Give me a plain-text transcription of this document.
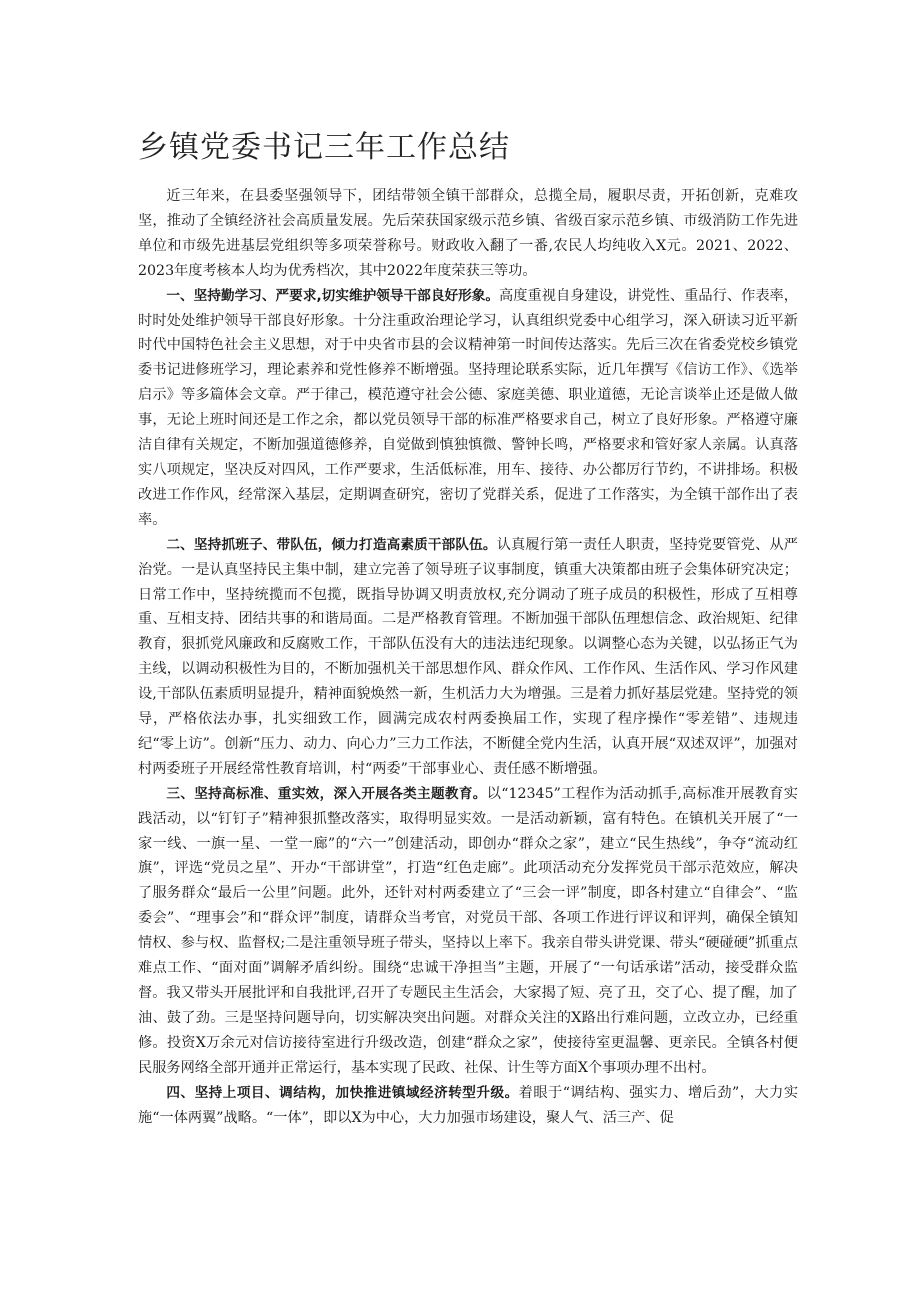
乡镇党委书记三年工作总结

近三年来，在县委坚强领导下，团结带领全镇干部群众，总揽全局，履职尽责，开拓创新，克难攻坚，推动了全镇经济社会高质量发展。先后荣获国家级示范乡镇、省级百家示范乡镇、市级消防工作先进单位和市级先进基层党组织等多项荣誉称号。财政收入翻了一番,农民人均纯收入X元。2021、2022、2023年度考核本人均为优秀档次，其中2022年度荣获三等功。

一、坚持勤学习、严要求,切实维护领导干部良好形象。高度重视自身建设，讲党性、重品行、作表率，时时处处维护领导干部良好形象。十分注重政治理论学习，认真组织党委中心组学习，深入研读习近平新时代中国特色社会主义思想，对于中央省市县的会议精神第一时间传达落实。先后三次在省委党校乡镇党委书记进修班学习，理论素养和党性修养不断增强。坚持理论联系实际，近几年撰写《信访工作》、《选举启示》等多篇体会文章。严于律己，模范遵守社会公德、家庭美德、职业道德，无论言谈举止还是做人做事，无论上班时间还是工作之余，都以党员领导干部的标准严格要求自己，树立了良好形象。严格遵守廉洁自律有关规定，不断加强道德修养，自觉做到慎独慎微、警钟长鸣，严格要求和管好家人亲属。认真落实八项规定，坚决反对四风，工作严要求，生活低标准，用车、接待、办公都厉行节约，不讲排场。积极改进工作作风，经常深入基层，定期调查研究，密切了党群关系，促进了工作落实，为全镇干部作出了表率。

二、坚持抓班子、带队伍，倾力打造高素质干部队伍。认真履行第一责任人职责，坚持党要管党、从严治党。一是认真坚持民主集中制，建立完善了领导班子议事制度，镇重大决策都由班子会集体研究决定；日常工作中，坚持统揽而不包揽，既指导协调又明责放权,充分调动了班子成员的积极性，形成了互相尊重、互相支持、团结共事的和谐局面。二是严格教育管理。不断加强干部队伍理想信念、政治规矩、纪律教育，狠抓党风廉政和反腐败工作，干部队伍没有大的违法违纪现象。以调整心态为关键，以弘扬正气为主线，以调动积极性为目的，不断加强机关干部思想作风、群众作风、工作作风、生活作风、学习作风建设,干部队伍素质明显提升，精神面貌焕然一新，生机活力大为增强。三是着力抓好基层党建。坚持党的领导，严格依法办事，扎实细致工作，圆满完成农村两委换届工作，实现了程序操作“零差错”、违规违纪“零上访”。创新“压力、动力、向心力”三力工作法，不断健全党内生活，认真开展“双述双评”，加强对村两委班子开展经常性教育培训，村“两委”干部事业心、责任感不断增强。

三、坚持高标准、重实效，深入开展各类主题教育。以“12345”工程作为活动抓手,高标准开展教育实践活动，以“钉钉子”精神狠抓整改落实，取得明显实效。一是活动新颖，富有特色。在镇机关开展了“一家一线、一旗一星、一堂一廊”的“六一”创建活动，即创办“群众之家”，建立“民生热线”，争夺“流动红旗”，评选“党员之星”、开办“干部讲堂”，打造“红色走廊”。此项活动充分发挥党员干部示范效应，解决了服务群众“最后一公里”问题。此外，还针对村两委建立了“三会一评”制度，即各村建立“自律会”、“监委会”、“理事会”和“群众评”制度，请群众当考官，对党员干部、各项工作进行评议和评判，确保全镇知情权、参与权、监督权;二是注重领导班子带头，坚持以上率下。我亲自带头讲党课、带头“硬碰硬”抓重点难点工作、“面对面”调解矛盾纠纷。围绕“忠诚干净担当”主题，开展了“一句话承诺”活动，接受群众监督。我又带头开展批评和自我批评,召开了专题民主生活会，大家揭了短、亮了丑，交了心、提了醒，加了油、鼓了劲。三是坚持问题导向，切实解决突出问题。对群众关注的X路出行难问题，立改立办，已经重修。投资X万余元对信访接待室进行升级改造，创建“群众之家”，使接待室更温馨、更亲民。全镇各村便民服务网络全部开通并正常运行，基本实现了民政、社保、计生等方面X个事项办理不出村。

四、坚持上项目、调结构，加快推进镇域经济转型升级。着眼于“调结构、强实力、增后劲”，大力实施“一体两翼”战略。“一体”，即以X为中心，大力加强市场建设，聚人气、活三产、促
